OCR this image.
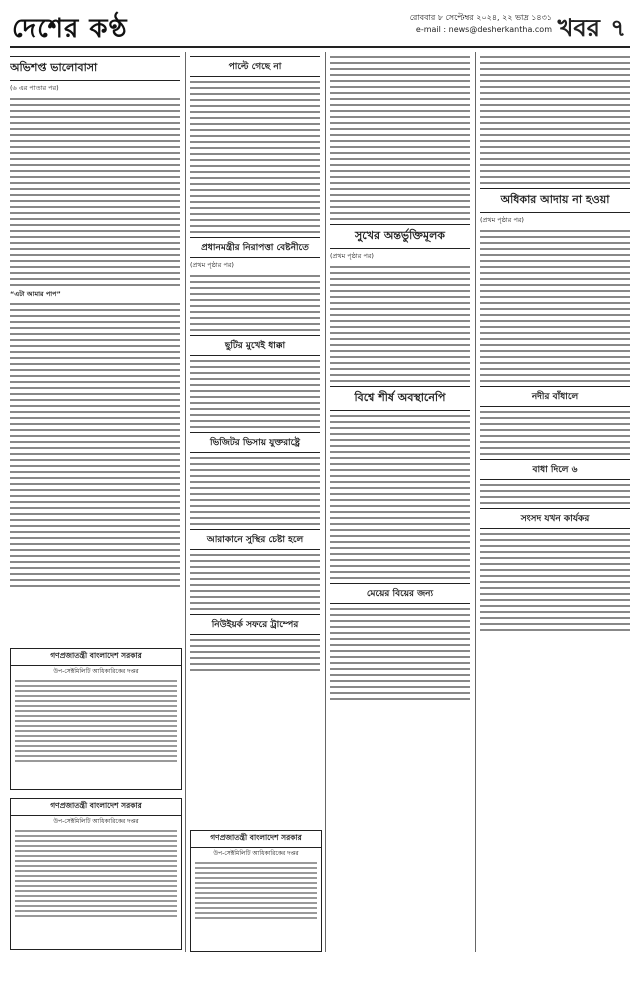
দেশের কণ্ঠ	রোববার ৮ সেপ্টেম্বর ২০২৪, ২২ ভাদ্র ১৪৩১
e-mail : news@desherkantha.com খবর ৭
অভিশপ্ত ভালোবাসা
(৬ এর পাতার পর)
“এটা আমার পাপ”
গণপ্রজাতন্ত্রী বাংলাদেশ সরকার
উপ-সেক্টমিলিটি আধিকারিকের দপ্তর
গণপ্রজাতন্ত্রী বাংলাদেশ সরকার
উপ-সেক্টমিলিটি আধিকারিকের দপ্তর
পাল্টে গেছে না
প্রধানমন্ত্রীর নিরাপত্তা বেষ্টনীতে
(প্রথম পৃষ্ঠার পর)
ছুটির মুখেই ধাক্কা
ভিজিটর ভিসায় যুক্তরাষ্ট্রে
আরাকানে সুস্থির চেষ্টা হলে
নিউইয়র্ক সফরে ট্রাম্পের
গণপ্রজাতন্ত্রী বাংলাদেশ সরকার
উপ-সেক্টমিলিটি আধিকারিকের দপ্তর
সুখের অন্তর্ভুক্তিমূলক
(প্রথম পৃষ্ঠার পর)
বিশ্বে শীর্ষ অবস্থানেপি
মেয়ের বিয়ের জন্য
অধিকার আদায় না হওয়া
(প্রথম পৃষ্ঠার পর)
নদীর বাঁধালে
বাধা দিলে ৬
সংসদ যখন কার্যকর
